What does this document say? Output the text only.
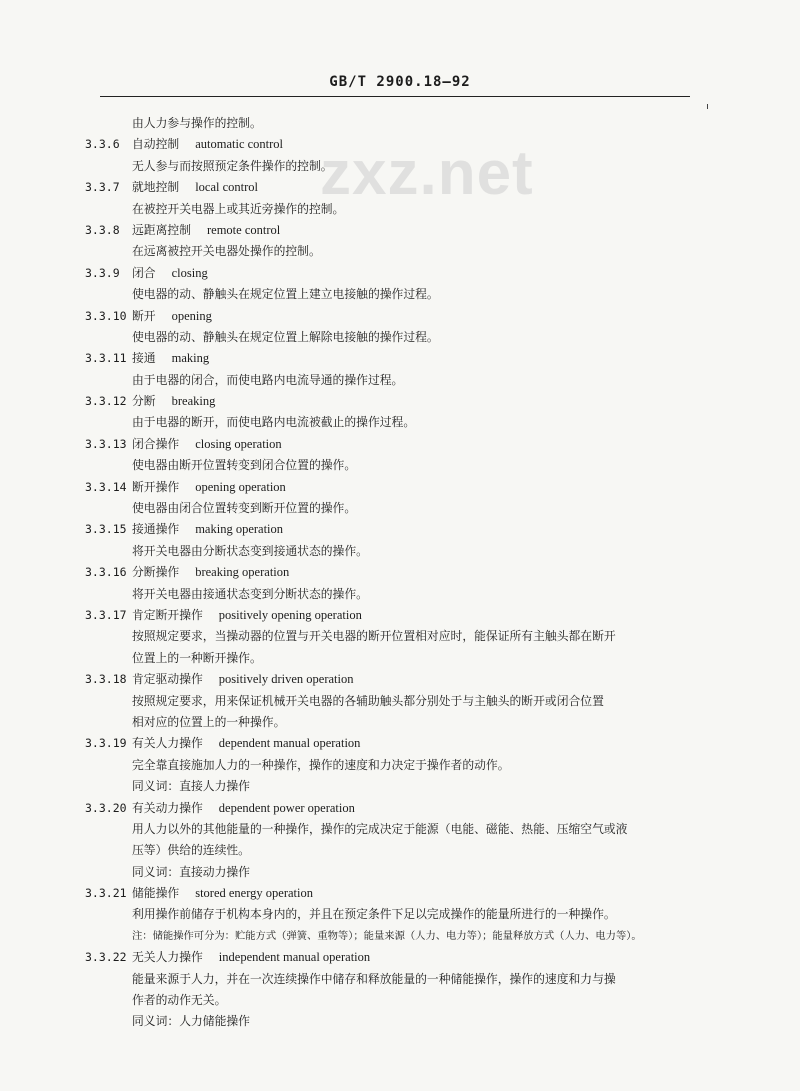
GB/T 2900.18—92
zxz.net
由人力参与操作的控制。
3.3.6 自动控制 automatic control
无人参与而按照预定条件操作的控制。
3.3.7 就地控制 local control
在被控开关电器上或其近旁操作的控制。
3.3.8 远距离控制 remote control
在远离被控开关电器处操作的控制。
3.3.9 闭合 closing
使电器的动、静触头在规定位置上建立电接触的操作过程。
3.3.10 断开 opening
使电器的动、静触头在规定位置上解除电接触的操作过程。
3.3.11 接通 making
由于电器的闭合，而使电路内电流导通的操作过程。
3.3.12 分断 breaking
由于电器的断开，而使电路内电流被截止的操作过程。
3.3.13 闭合操作 closing operation
使电器由断开位置转变到闭合位置的操作。
3.3.14 断开操作 opening operation
使电器由闭合位置转变到断开位置的操作。
3.3.15 接通操作 making operation
将开关电器由分断状态变到接通状态的操作。
3.3.16 分断操作 breaking operation
将开关电器由接通状态变到分断状态的操作。
3.3.17 肯定断开操作 positively opening operation
按照规定要求，当操动器的位置与开关电器的断开位置相对应时，能保证所有主触头都在断开
位置上的一种断开操作。
3.3.18 肯定驱动操作 positively driven operation
按照规定要求，用来保证机械开关电器的各辅助触头都分别处于与主触头的断开或闭合位置
相对应的位置上的一种操作。
3.3.19 有关人力操作 dependent manual operation
完全靠直接施加人力的一种操作，操作的速度和力决定于操作者的动作。
同义词：直接人力操作
3.3.20 有关动力操作 dependent power operation
用人力以外的其他能量的一种操作，操作的完成决定于能源（电能、磁能、热能、压缩空气或液
压等）供给的连续性。
同义词：直接动力操作
3.3.21 储能操作 stored energy operation
利用操作前储存于机构本身内的，并且在预定条件下足以完成操作的能量所进行的一种操作。
注：储能操作可分为：贮能方式（弹簧、重物等）；能量来源（人力、电力等）；能量释放方式（人力、电力等）。
3.3.22 无关人力操作 independent manual operation
能量来源于人力，并在一次连续操作中储存和释放能量的一种储能操作，操作的速度和力与操
作者的动作无关。
同义词：人力储能操作
